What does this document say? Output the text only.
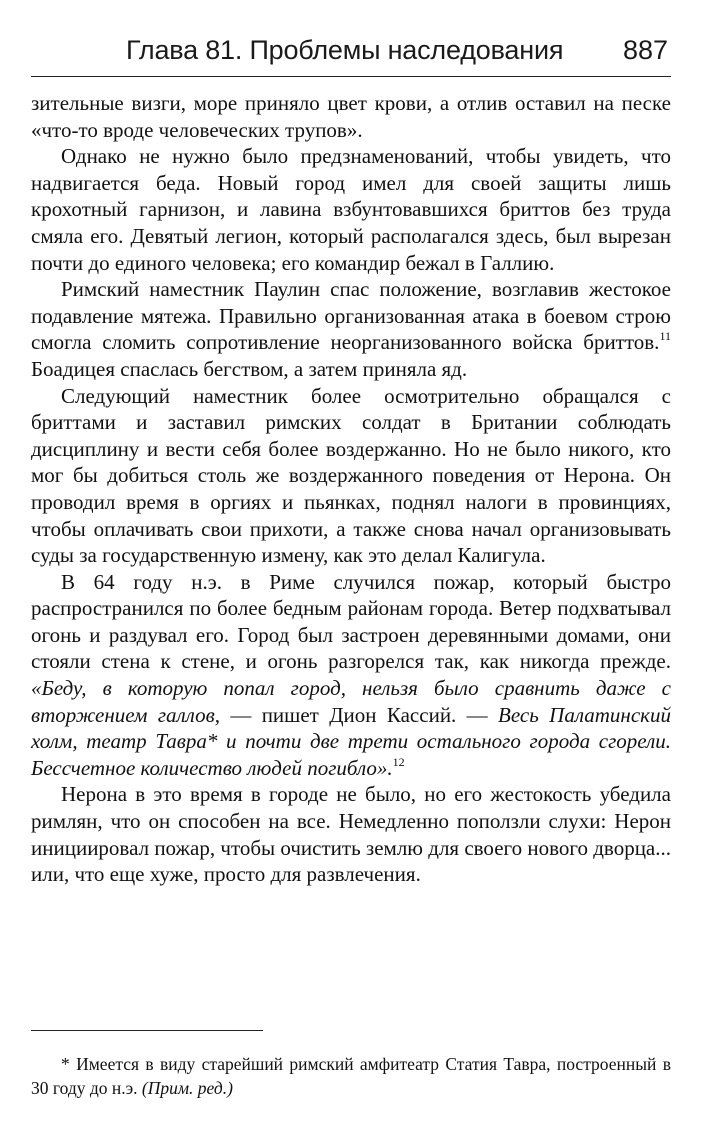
Глава 81. Проблемы наследования 887

зительные визги, море приняло цвет крови, а отлив оставил на песке «что-то вроде человеческих трупов».

Однако не нужно было предзнаменований, чтобы увидеть, что надвигается беда. Новый город имел для своей защиты лишь крохотный гарнизон, и лавина взбунтовавшихся бриттов без труда смяла его. Девятый легион, который располагался здесь, был вырезан почти до единого человека; его командир бежал в Галлию.

Римский наместник Паулин спас положение, возглавив жестокое подавление мятежа. Правильно организованная атака в боевом строю смогла сломить сопротивление неорганизованного войска бриттов.$^{11}$ Боадицея спаслась бегством, а затем приняла яд.

Следующий наместник более осмотрительно обращался с бриттами и заставил римских солдат в Британии соблюдать дисциплину и вести себя более воздержанно. Но не было никого, кто мог бы добиться столь же воздержанного поведения от Нерона. Он проводил время в оргиях и пьянках, поднял налоги в провинциях, чтобы оплачивать свои прихоти, а также снова начал организовывать суды за государственную измену, как это делал Калигула.

В 64 году н.э. в Риме случился пожар, который быстро распространился по более бедным районам города. Ветер подхватывал огонь и раздувал его. Город был застроен деревянными домами, они стояли стена к стене, и огонь разгорелся так, как никогда прежде. «Беду, в которую попал город, нельзя было сравнить даже с вторжением галлов, — пишет Дион Кассий. — Весь Палатинский холм, театр Тавра* и почти две трети остального города сгорели. Бессчетное количество людей погибло».$^{12}$

Нерона в это время в городе не было, но его жестокость убедила римлян, что он способен на все. Немедленно поползли слухи: Нерон инициировал пожар, чтобы очистить землю для своего нового дворца... или, что еще хуже, просто для развлечения.

* Имеется в виду старейший римский амфитеатр Статия Тавра, построенный в 30 году до н.э. (Прим. ред.)
